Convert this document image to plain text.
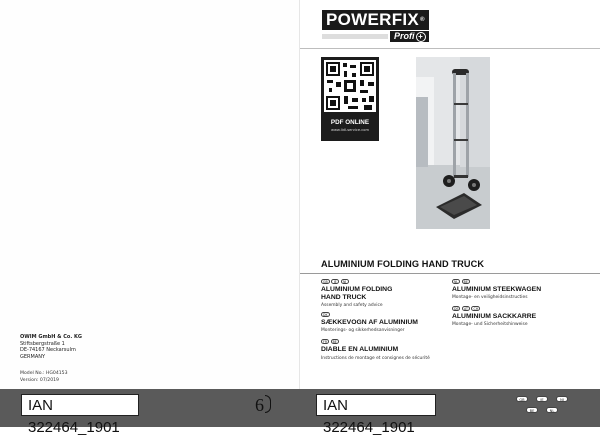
OWIM GmbH & Co. KG
Stiftsbergstraße 1
DE-74167 Neckarsulm
GERMANY
Model No.: HG04153
Version: 07/2019
IAN 322464_1901
6	IAN 322464_1901
GB	IE	NI
BE	NL
POWERFIX®
Profi +
PDF ONLINE
www.lidl-service.com
ALUMINIUM FOLDING HAND TRUCK
GB	IE	NI
ALUMINIUM FOLDING
HAND TRUCK
Assembly and safety advice
DK
SÆKKEVOGN AF ALUMINIUM
Monterings- og sikkerhedsanvisninger
FR	BE
DIABLE EN ALUMINIUM
Instructions de montage et consignes de sécurité
NL	BE
ALUMINIUM STEEKWAGEN
Montage- en veiligheidsinstructies
DE	AT	CH
ALUMINIUM SACKKARRE
Montage- und Sicherheitshinweise
